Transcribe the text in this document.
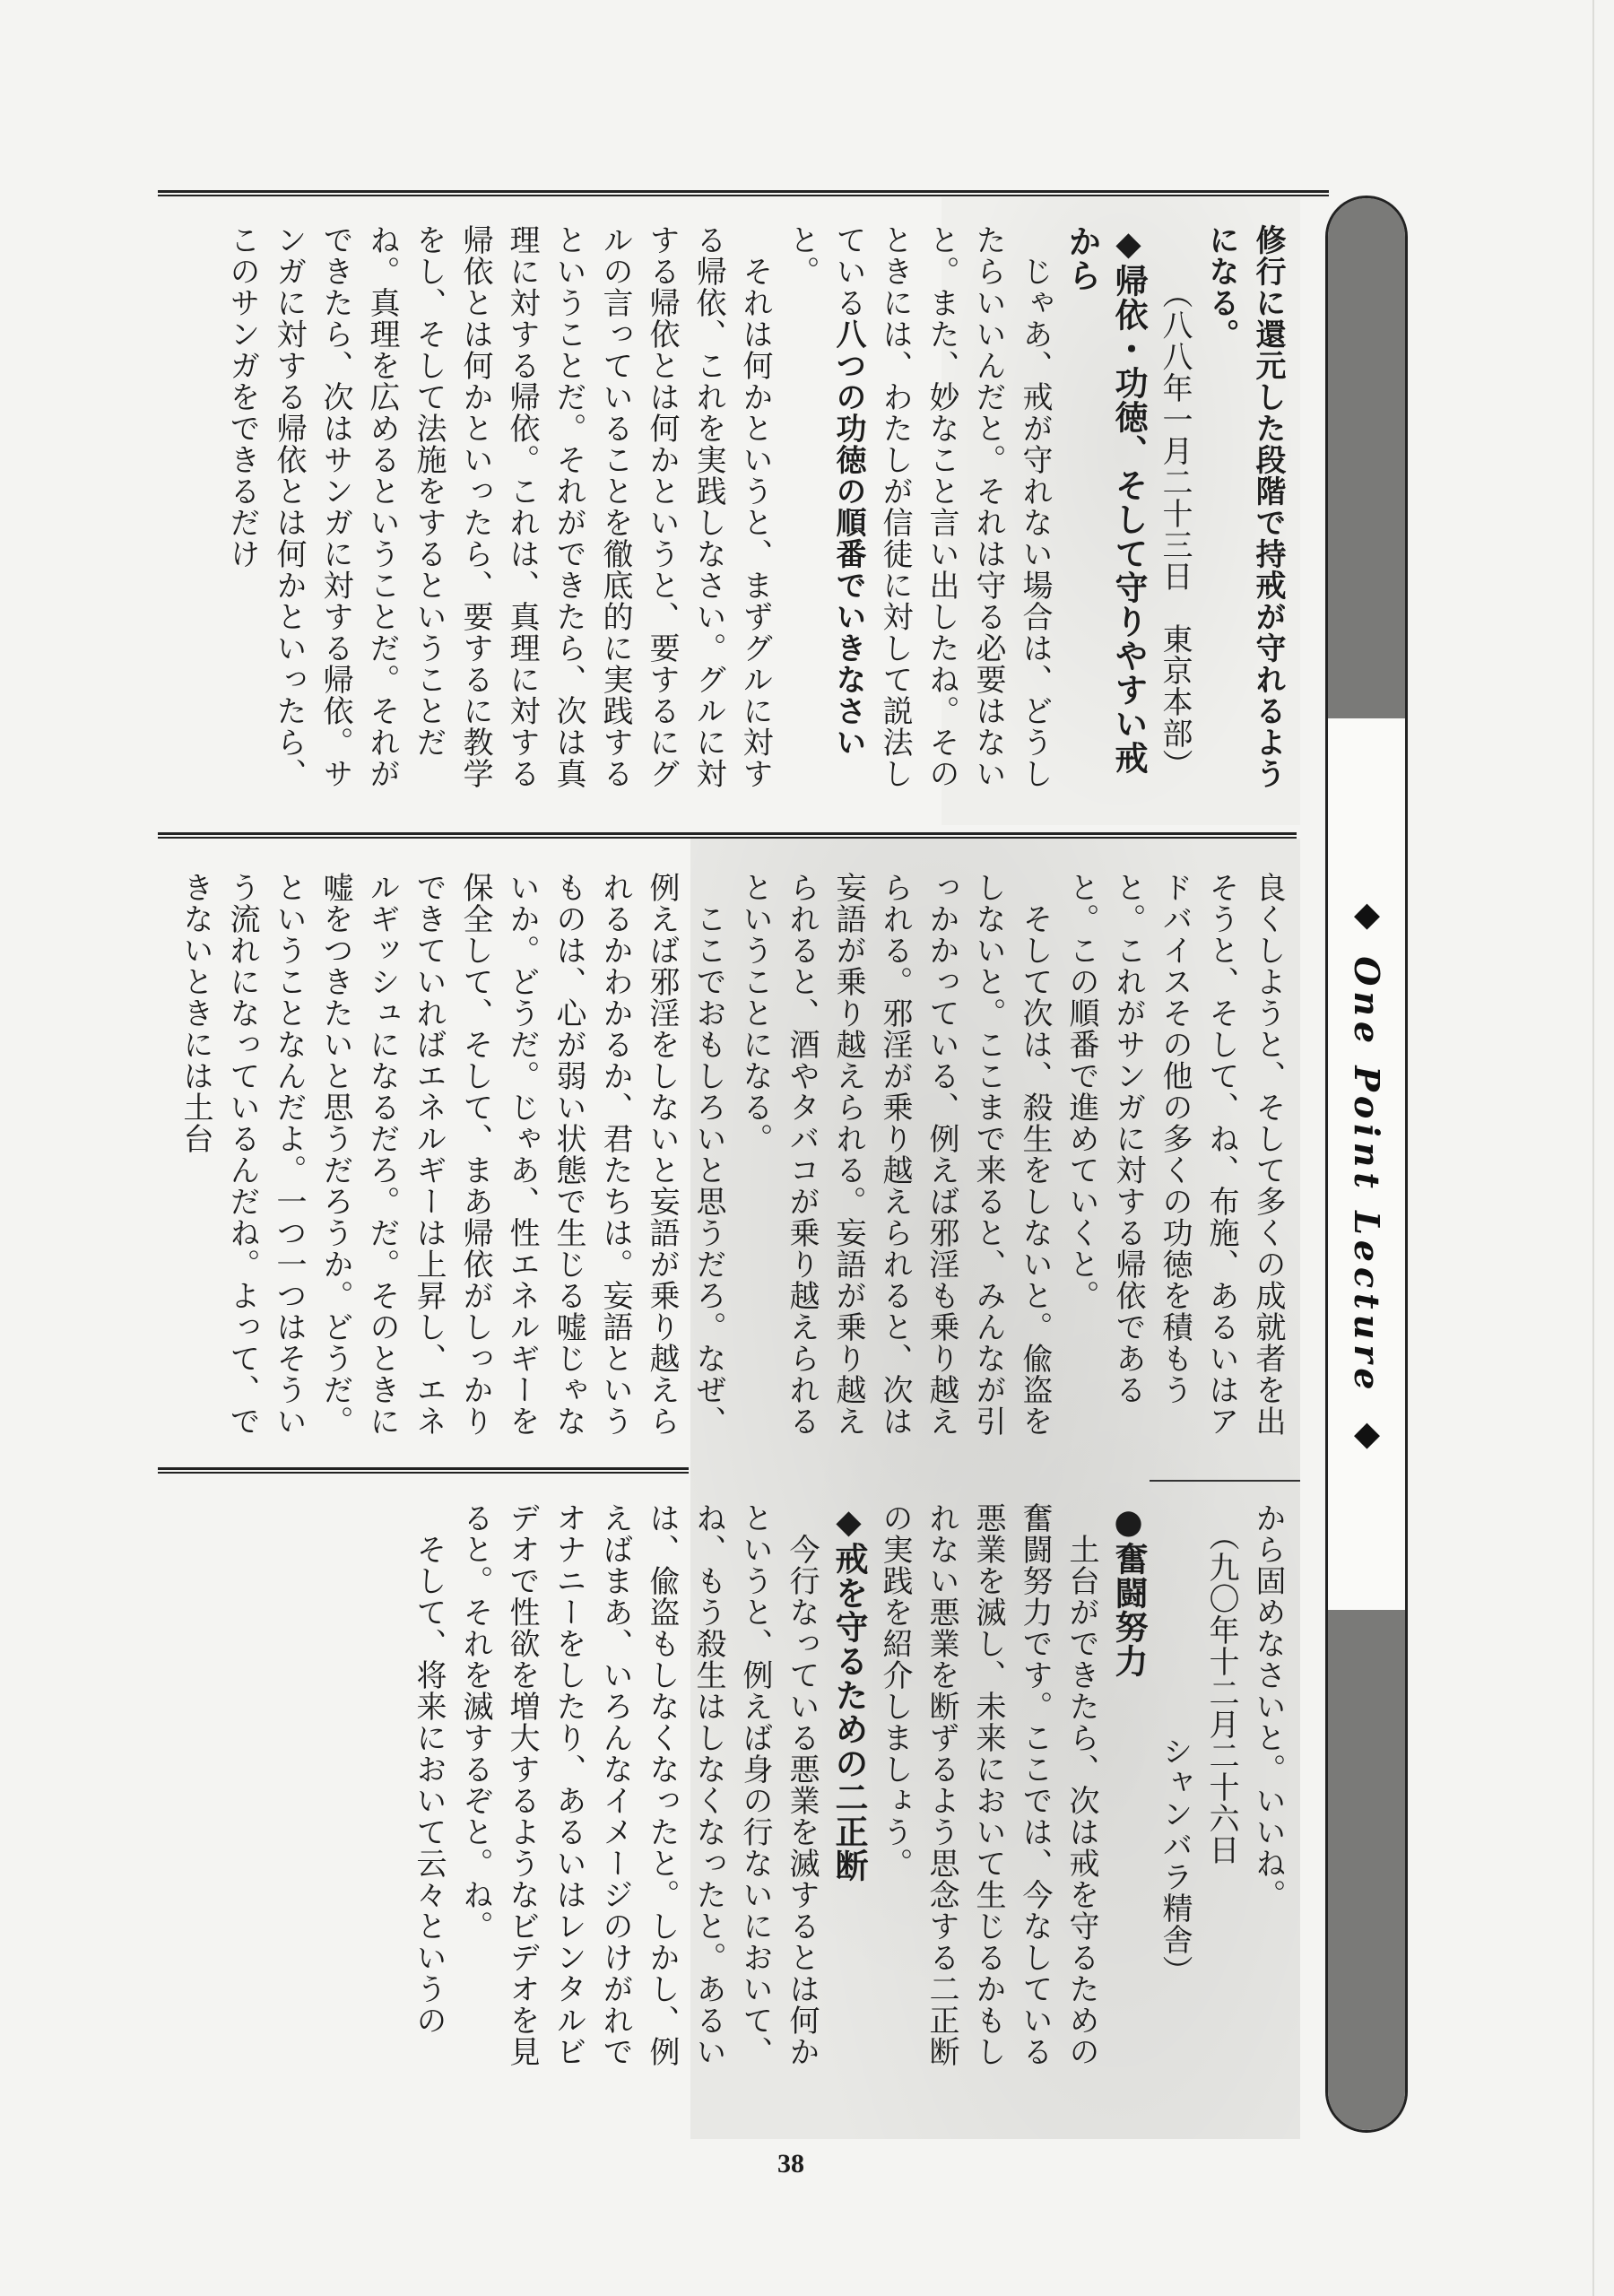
修行に還元した段階で持戒が守れるようになる。
（八八年一月二十三日　東京本部）
◆帰依・功徳、そして守りやすい戒から
　じゃあ、戒が守れない場合は、どうしたらいいんだと。それは守る必要はないと。また、妙なこと言い出したね。そのときには、わたしが信徒に対して説法している八つの功徳の順番でいきなさいと。
　それは何かというと、まずグルに対する帰依、これを実践しなさい。グルに対する帰依とは何かというと、要するにグルの言っていることを徹底的に実践するということだ。それができたら、次は真理に対する帰依。これは、真理に対する帰依とは何かといったら、要するに教学をし、そして法施をするということだね。真理を広めるということだ。それができたら、次はサンガに対する帰依。サンガに対する帰依とは何かといったら、このサンガをできるだけ
良くしようと、そして多くの成就者を出そうと、そして、ね、布施、あるいはアドバイスその他の多くの功徳を積もうと。これがサンガに対する帰依であると。この順番で進めていくと。
　そして次は、殺生をしないと。偸盗をしないと。ここまで来ると、みんなが引っかかっている、例えば邪淫も乗り越えられる。邪淫が乗り越えられると、次は妄語が乗り越えられる。妄語が乗り越えられると、酒やタバコが乗り越えられるということになる。
　ここでおもしろいと思うだろ。なぜ、例えば邪淫をしないと妄語が乗り越えられるかわかるか、君たちは。妄語というものは、心が弱い状態で生じる嘘じゃないか。どうだ。じゃあ、性エネルギーを保全して、そして、まあ帰依がしっかりできていればエネルギーは上昇し、エネルギッシュになるだろ。だ。そのときに嘘をつきたいと思うだろうか。どうだ。ということなんだよ。一つ一つはそういう流れになっているんだね。よって、できないときには土台
から固めなさいと。いいね。
（九〇年十二月二十六日
シャンバラ精舎）
●奮闘努力
　土台ができたら、次は戒を守るための奮闘努力です。ここでは、今なしている悪業を滅し、未来において生じるかもしれない悪業を断ずるよう思念する二正断の実践を紹介しましょう。
◆戒を守るための二正断
　今行なっている悪業を滅するとは何かというと、例えば身の行ないにおいて、ね、もう殺生はしなくなったと。あるいは、偸盗もしなくなったと。しかし、例えばまあ、いろんなイメージのけがれでオナニーをしたり、あるいはレンタルビデオで性欲を増大するようなビデオを見ると。それを滅するぞと。ね。
　そして、将来において云々というの
◆ One Point Lecture ◆
38
